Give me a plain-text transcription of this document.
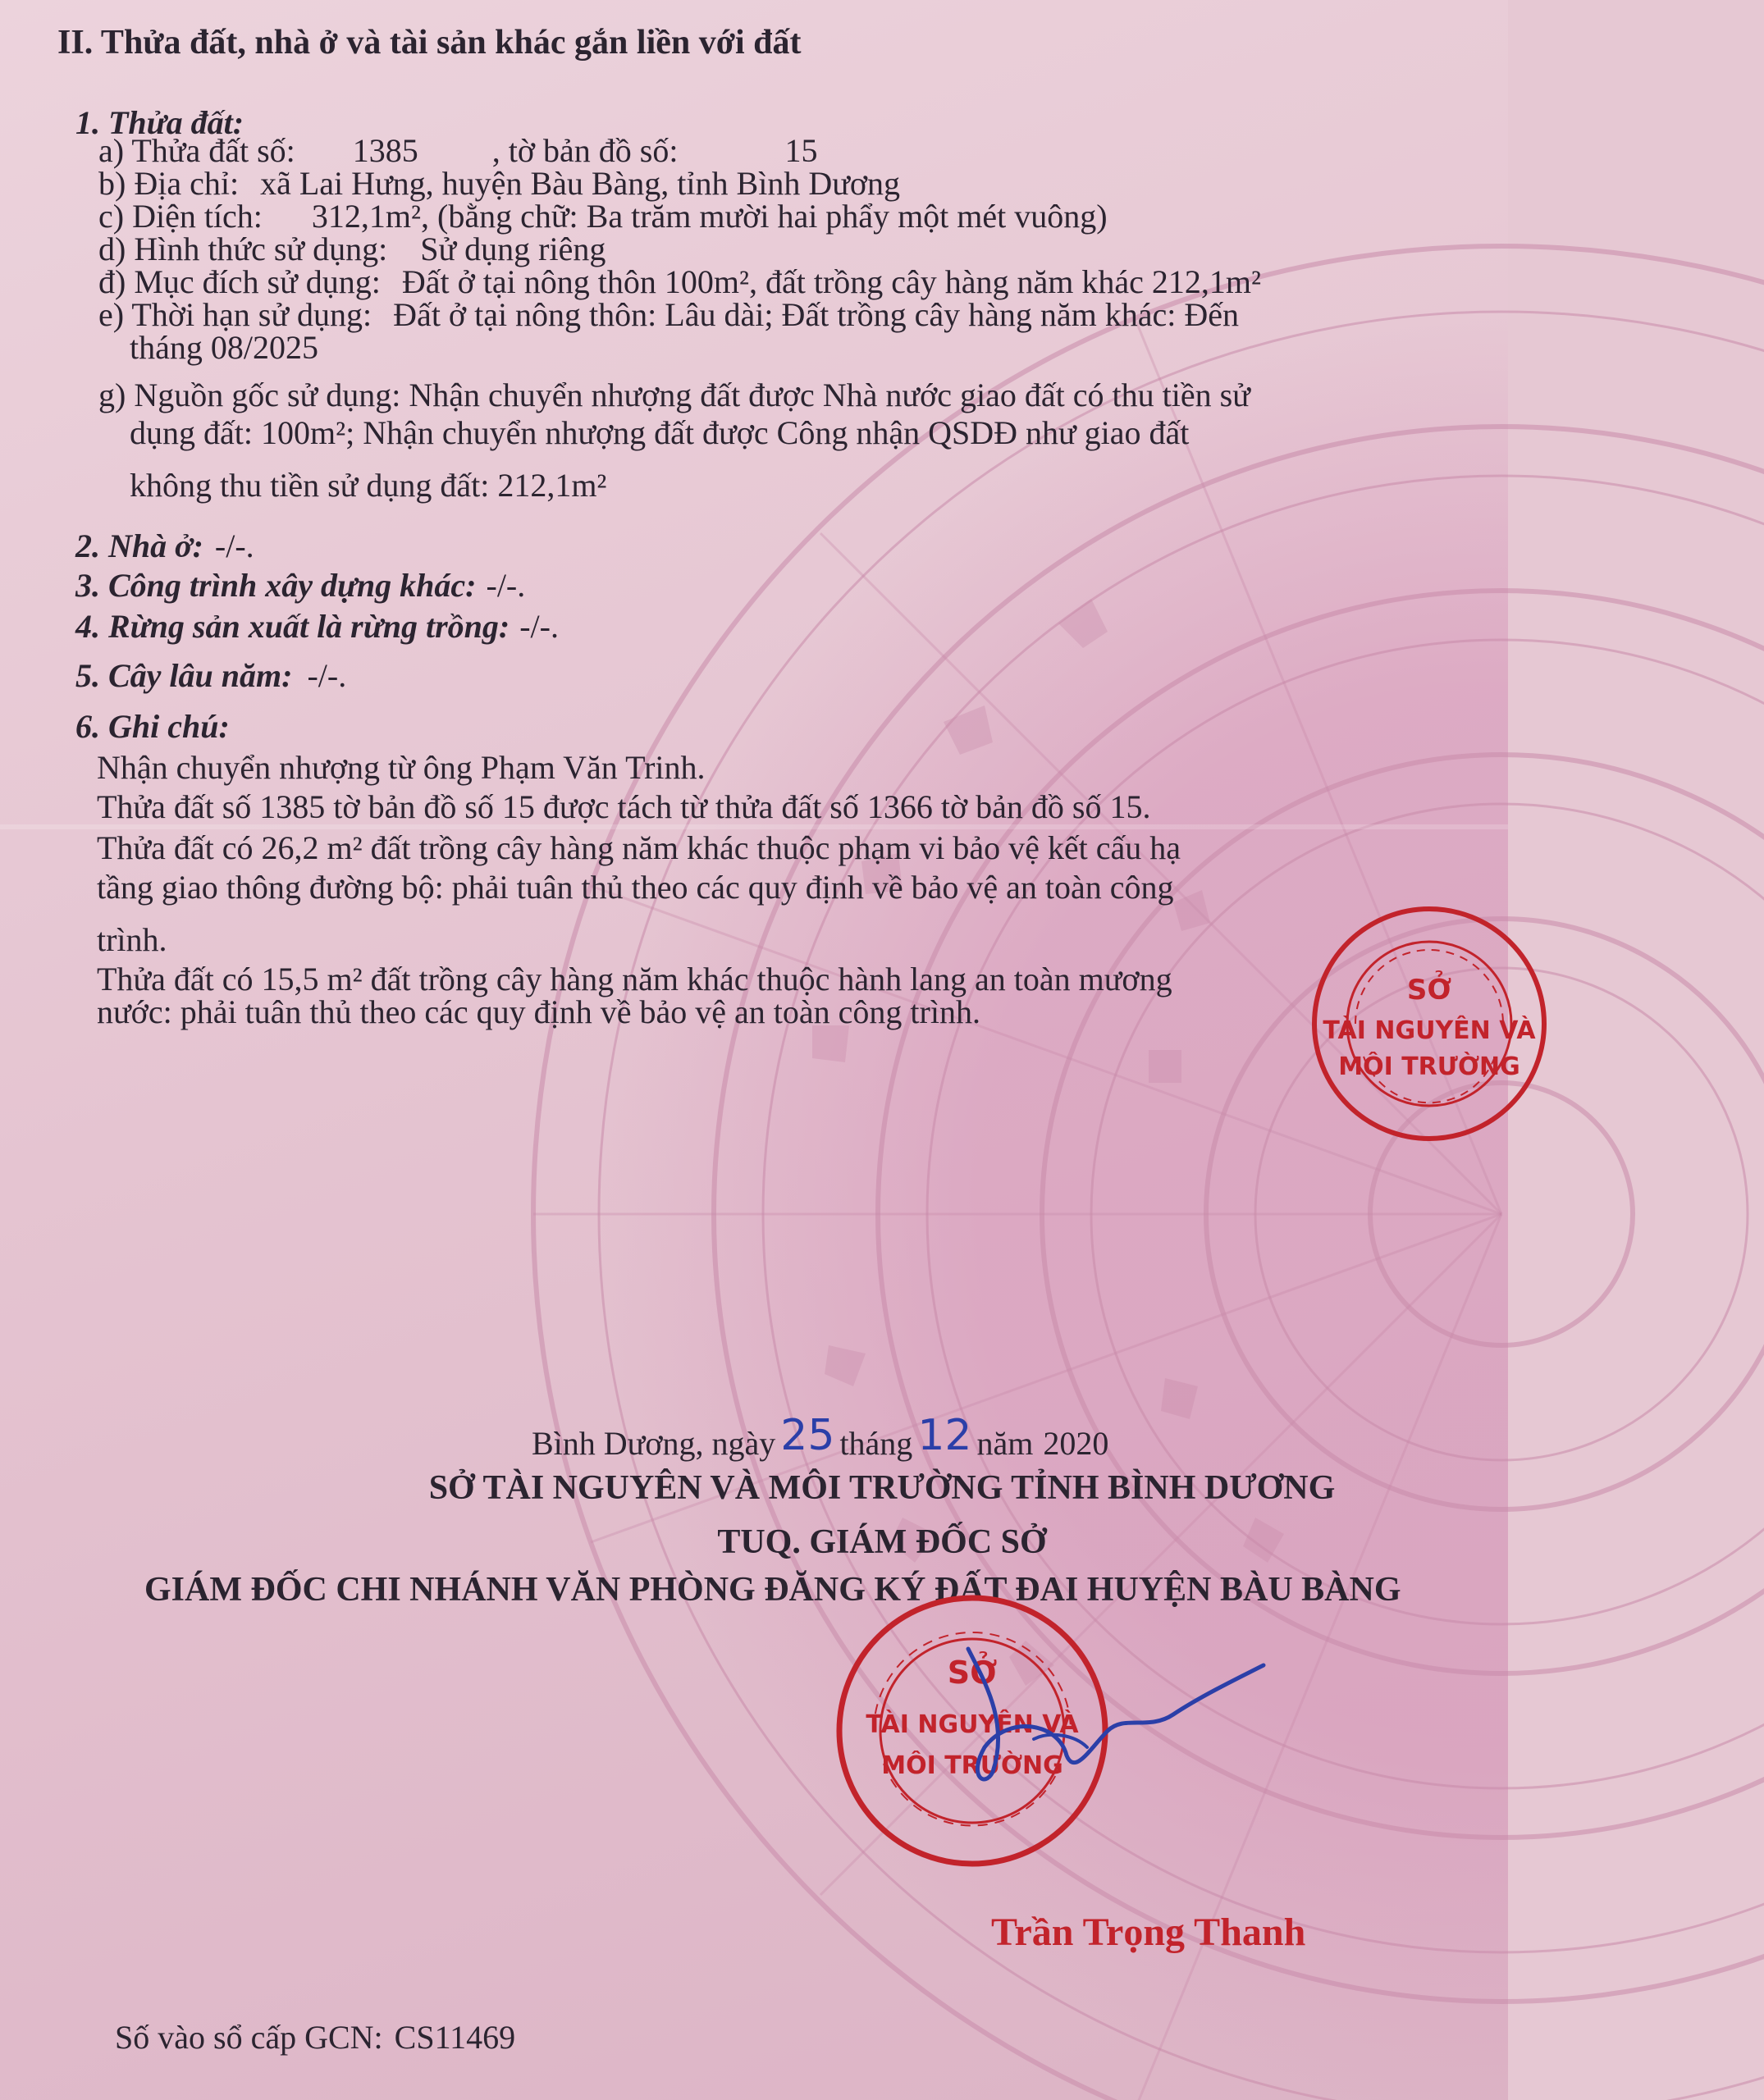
II. Thửa đất, nhà ở và tài sản khác gắn liền với đất
1. Thửa đất:
a) Thửa đất số: 1385 , tờ bản đồ số:	15
b) Địa chỉ: xã Lai Hưng, huyện Bàu Bàng, tỉnh Bình Dương
c) Diện tích: 312,1m², (bằng chữ: Ba trăm mười hai phẩy một mét vuông)
d) Hình thức sử dụng: Sử dụng riêng
đ) Mục đích sử dụng: Đất ở tại nông thôn 100m², đất trồng cây hàng năm khác 212,1m²
e) Thời hạn sử dụng: Đất ở tại nông thôn: Lâu dài; Đất trồng cây hàng năm khác: Đến
tháng 08/2025
g) Nguồn gốc sử dụng: Nhận chuyển nhượng đất được Nhà nước giao đất có thu tiền sử
dụng đất: 100m²; Nhận chuyển nhượng đất được Công nhận QSDĐ như giao đất
không thu tiền sử dụng đất: 212,1m²
2. Nhà ở: -/-.
3. Công trình xây dựng khác: -/-.
4. Rừng sản xuất là rừng trồng: -/-.
5. Cây lâu năm: -/-.
6. Ghi chú:
Nhận chuyển nhượng từ ông Phạm Văn Trinh.
Thửa đất số 1385 tờ bản đồ số 15 được tách từ thửa đất số 1366 tờ bản đồ số 15.
Thửa đất có 26,2 m² đất trồng cây hàng năm khác thuộc phạm vi bảo vệ kết cấu hạ
tầng giao thông đường bộ: phải tuân thủ theo các quy định về bảo vệ an toàn công
trình.
Thửa đất có 15,5 m² đất trồng cây hàng năm khác thuộc hành lang an toàn mương
nước: phải tuân thủ theo các quy định về bảo vệ an toàn công trình.
SỞ
TÀI NGUYÊN VÀ
MÔI TRƯỜNG
Bình Dương, ngày 25 tháng 12 năm 2020
SỞ TÀI NGUYÊN VÀ MÔI TRƯỜNG TỈNH BÌNH DƯƠNG
TUQ. GIÁM ĐỐC SỞ
GIÁM ĐỐC CHI NHÁNH VĂN PHÒNG ĐĂNG KÝ ĐẤT ĐAI HUYỆN BÀU BÀNG
SỞ
TÀI NGUYÊN VÀ
MÔI TRƯỜNG
Trần Trọng Thanh
Số vào sổ cấp GCN: CS11469
